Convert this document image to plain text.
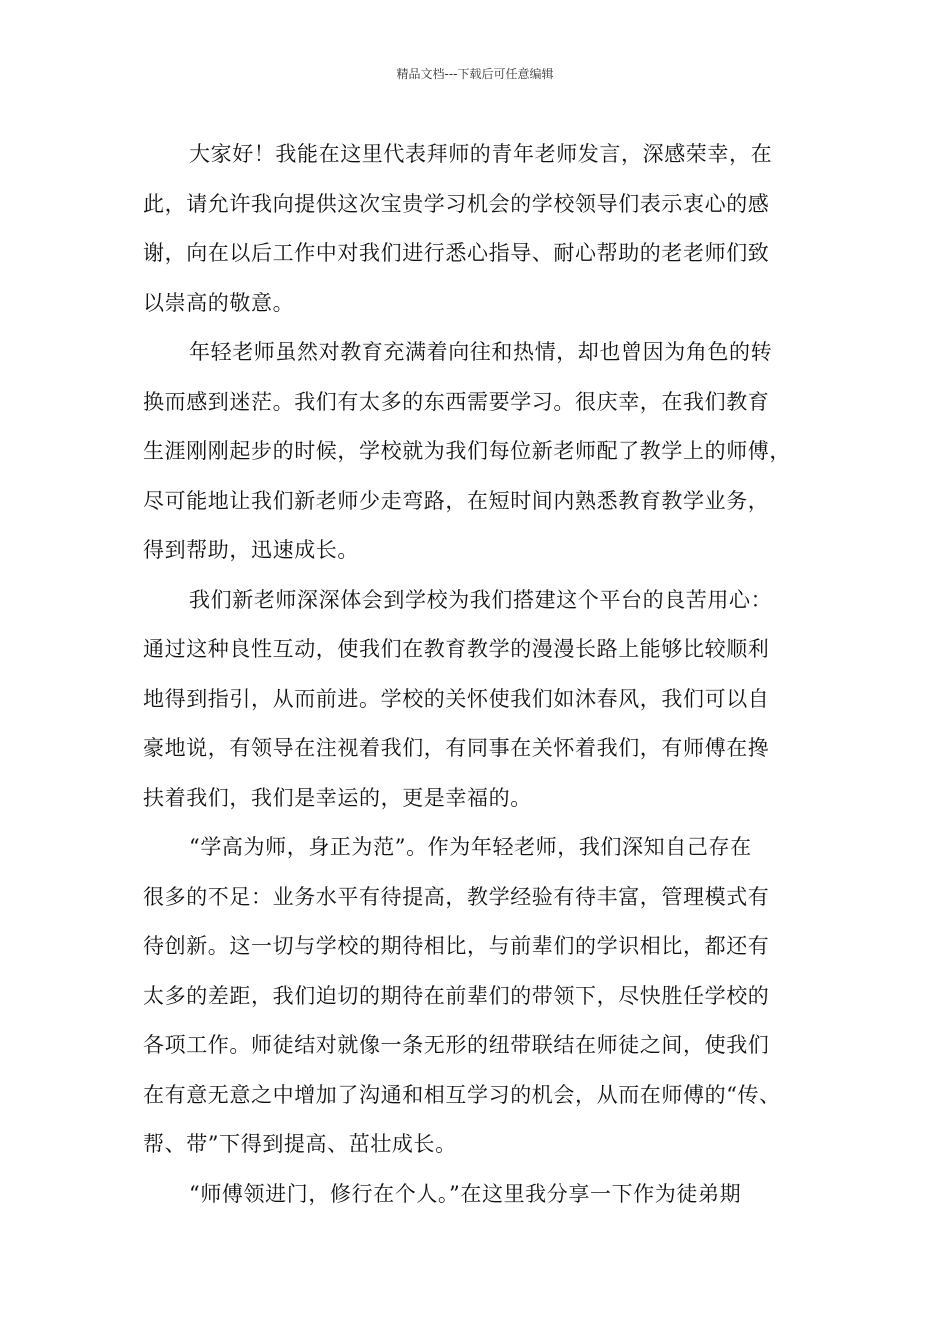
精品文档---下载后可任意编辑
大家好！我能在这里代表拜师的青年老师发言，深感荣幸，在
此，请允许我向提供这次宝贵学习机会的学校领导们表示衷心的感
谢，向在以后工作中对我们进行悉心指导、耐心帮助的老老师们致
以崇高的敬意。
年轻老师虽然对教育充满着向往和热情，却也曾因为角色的转
换而感到迷茫。我们有太多的东西需要学习。很庆幸，在我们教育
生涯刚刚起步的时候，学校就为我们每位新老师配了教学上的师傅，
尽可能地让我们新老师少走弯路，在短时间内熟悉教育教学业务，
得到帮助，迅速成长。
我们新老师深深体会到学校为我们搭建这个平台的良苦用心：
通过这种良性互动，使我们在教育教学的漫漫长路上能够比较顺利
地得到指引，从而前进。学校的关怀使我们如沐春风，我们可以自
豪地说，有领导在注视着我们，有同事在关怀着我们，有师傅在搀
扶着我们，我们是幸运的，更是幸福的。
“学高为师，身正为范”。作为年轻老师，我们深知自己存在
很多的不足：业务水平有待提高，教学经验有待丰富，管理模式有
待创新。这一切与学校的期待相比，与前辈们的学识相比，都还有
太多的差距，我们迫切的期待在前辈们的带领下，尽快胜任学校的
各项工作。师徒结对就像一条无形的纽带联结在师徒之间，使我们
在有意无意之中增加了沟通和相互学习的机会，从而在师傅的“传、
帮、带”下得到提高、茁壮成长。
“师傅领进门，修行在个人。”在这里我分享一下作为徒弟期
